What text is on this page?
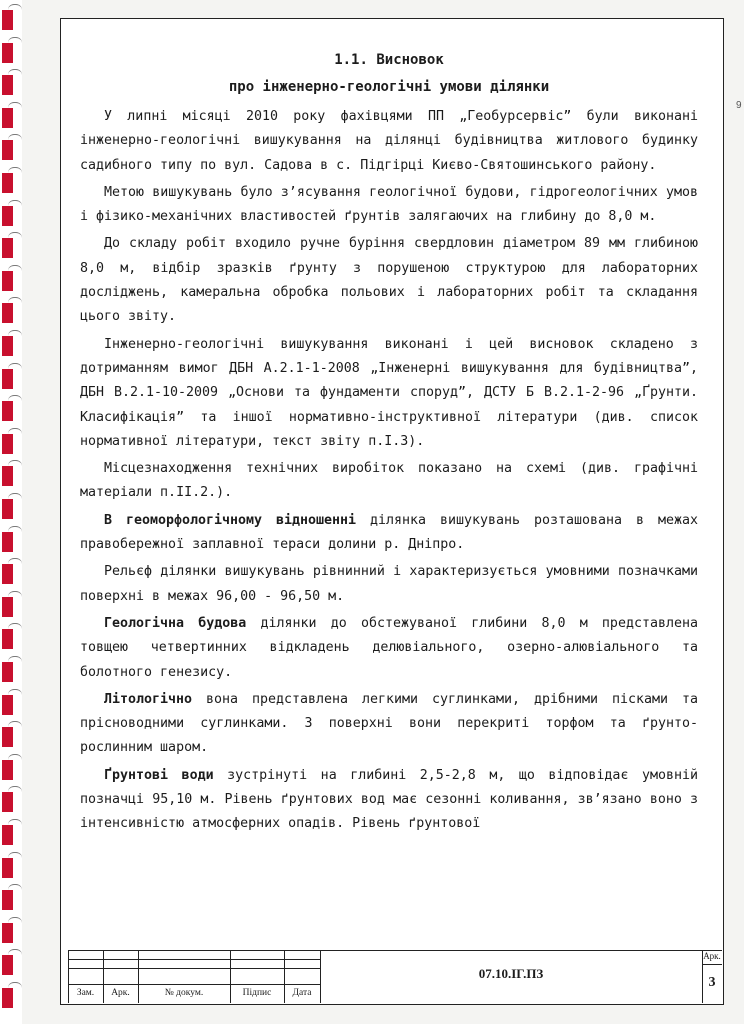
9

1.1. Висновок

про інженерно-геологічні умови ділянки

У липні місяці 2010 року фахівцями ПП „Геобурсервіс” були виконані інженерно-геологічні вишукування на ділянці будівництва житлового будинку садибного типу по вул. Садова в с. Підгірці Києво-Святошинського району.

Метою вишукувань було з’ясування геологічної будови, гідрогеологічних умов і фізико-механічних властивостей ґрунтів залягаючих на глибину до 8,0 м.

До складу робіт входило ручне буріння свердловин діаметром 89 мм глибиною 8,0 м, відбір зразків ґрунту з порушеною структурою для лабораторних досліджень, камеральна обробка польових і лабораторних робіт та складання цього звіту.

Інженерно-геологічні вишукування виконані і цей висновок складено з дотриманням вимог ДБН А.2.1-1-2008 „Інженерні вишукування для будівництва”, ДБН В.2.1-10-2009 „Основи та фундаменти споруд”, ДСТУ Б В.2.1-2-96 „Ґрунти. Класифікація” та іншої нормативно-інструктивної літератури (див. список нормативної літератури, текст звіту п.І.3).

Місцезнаходження технічних виробіток показано на схемі (див. графічні матеріали п.ІІ.2.).

В геоморфологічному відношенні ділянка вишукувань розташована в межах правобережної заплавної тераси долини р. Дніпро.

Рельєф ділянки вишукувань рівнинний і характеризується умовними позначками поверхні в межах 96,00 - 96,50 м.

Геологічна будова ділянки до обстежуваної глибини 8,0 м представлена товщею четвертинних відкладень делювіального, озерно-алювіального та болотного генезису.

Літологічно вона представлена легкими суглинками, дрібними пісками та прісноводними суглинками. З поверхні вони перекриті торфом та ґрунто-рослинним шаром.

Ґрунтові води зустрінуті на глибині 2,5-2,8 м, що відповідає умовній позначці 95,10 м. Рівень ґрунтових вод має сезонні коливання, зв’язано воно з інтенсивністю атмосферних опадів. Рівень ґрунтової

Зам.	Арк.	№ докум.	Підпис	Дата
07.10.ІГ.ПЗ
Арк.
3
